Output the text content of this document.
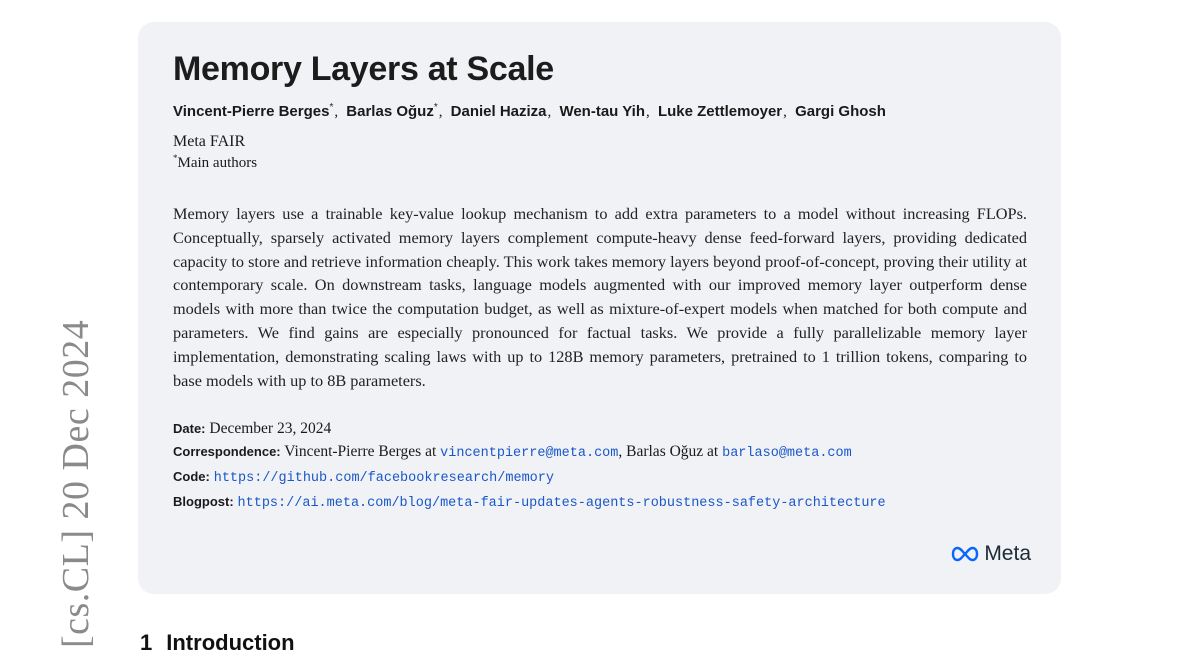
[cs.CL] 20 Dec 2024
Memory Layers at Scale
Vincent-Pierre Berges*, Barlas Oğuz*, Daniel Haziza, Wen-tau Yih, Luke Zettlemoyer, Gargi Ghosh
Meta FAIR
*Main authors

Memory layers use a trainable key-value lookup mechanism to add extra parameters to a model without increasing FLOPs. Conceptually, sparsely activated memory layers complement compute-heavy dense feed-forward layers, providing dedicated capacity to store and retrieve information cheaply. This work takes memory layers beyond proof-of-concept, proving their utility at contemporary scale. On downstream tasks, language models augmented with our improved memory layer outperform dense models with more than twice the computation budget, as well as mixture-of-expert models when matched for both compute and parameters. We find gains are especially pronounced for factual tasks. We provide a fully parallelizable memory layer implementation, demonstrating scaling laws with up to 128B memory parameters, pretrained to 1 trillion tokens, comparing to base models with up to 8B parameters.

Date: December 23, 2024
Correspondence: Vincent-Pierre Berges at vincentpierre@meta.com, Barlas Oğuz at barlaso@meta.com
Code: https://github.com/facebookresearch/memory
Blogpost: https://ai.meta.com/blog/meta-fair-updates-agents-robustness-safety-architecture
Meta
1 Introduction
